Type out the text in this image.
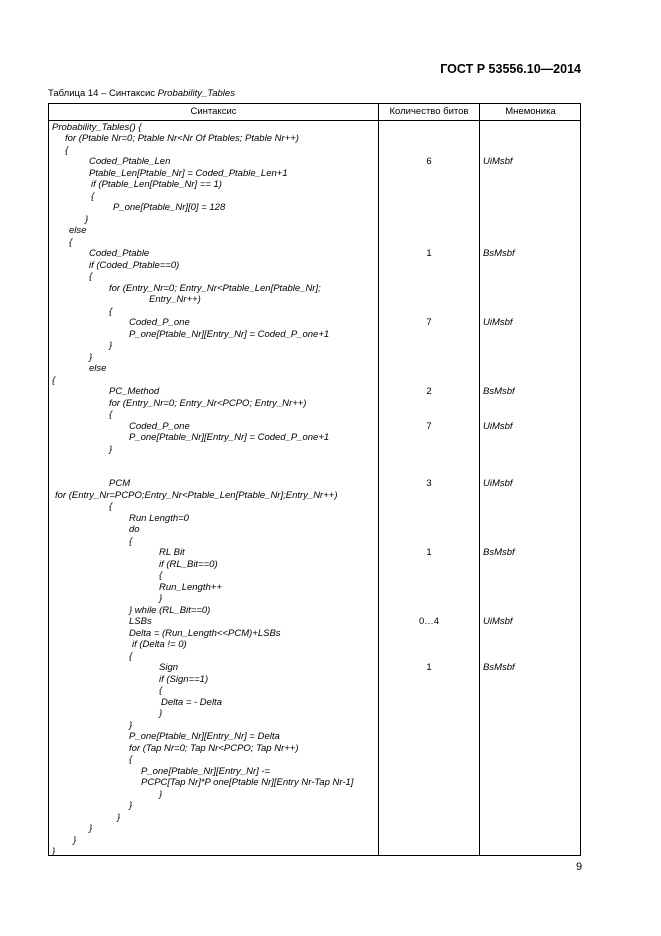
ГОСТ Р 53556.10—2014
Таблица 14 – Синтаксис Probability_Tables
Синтаксис	Количество битов	Мнемоника
Probability_Tables() {
for (Ptable Nr=0; Ptable Nr<Nr Of Ptables; Ptable Nr++)
{
Coded_Ptable_Len
Ptable_Len[Ptable_Nr] = Coded_Ptable_Len+1
if (Ptable_Len[Ptable_Nr] == 1)
{
P_one[Ptable_Nr][0] = 128
}
else
{
Coded_Ptable
if (Coded_Ptable==0)
{
for (Entry_Nr=0; Entry_Nr<Ptable_Len[Ptable_Nr];
Entry_Nr++)
{
Coded_P_one
P_one[Ptable_Nr][Entry_Nr] = Coded_P_one+1
}
}
else
{
PC_Method
for (Entry_Nr=0; Entry_Nr<PCPO; Entry_Nr++)
{
Coded_P_one
P_one[Ptable_Nr][Entry_Nr] = Coded_P_one+1
}
PCM
for (Entry_Nr=PCPO;Entry_Nr<Ptable_Len[Ptable_Nr];Entry_Nr++)
{
Run Length=0
do
{
RL Bit
if (RL_Bit==0)
{
Run_Length++
}
} while (RL_Bit==0)
LSBs
Delta = (Run_Length<<PCM)+LSBs
if (Delta != 0)
{
Sign
if (Sign==1)
{
Delta = - Delta
}
}
P_one[Ptable_Nr][Entry_Nr] = Delta
for (Tap Nr=0; Tap Nr<PCPO; Tap Nr++)
{
P_one[Ptable_Nr][Entry_Nr] -=
PCPC[Tap Nr]*P one[Ptable Nr][Entry Nr-Tap Nr-1]
}
}
}
}
}
}
6
1
7
2
7
3
1
0…4
1
UiMsbf
BsMsbf
UiMsbf
BsMsbf
UiMsbf
UiMsbf
BsMsbf
UiMsbf
BsMsbf
9
